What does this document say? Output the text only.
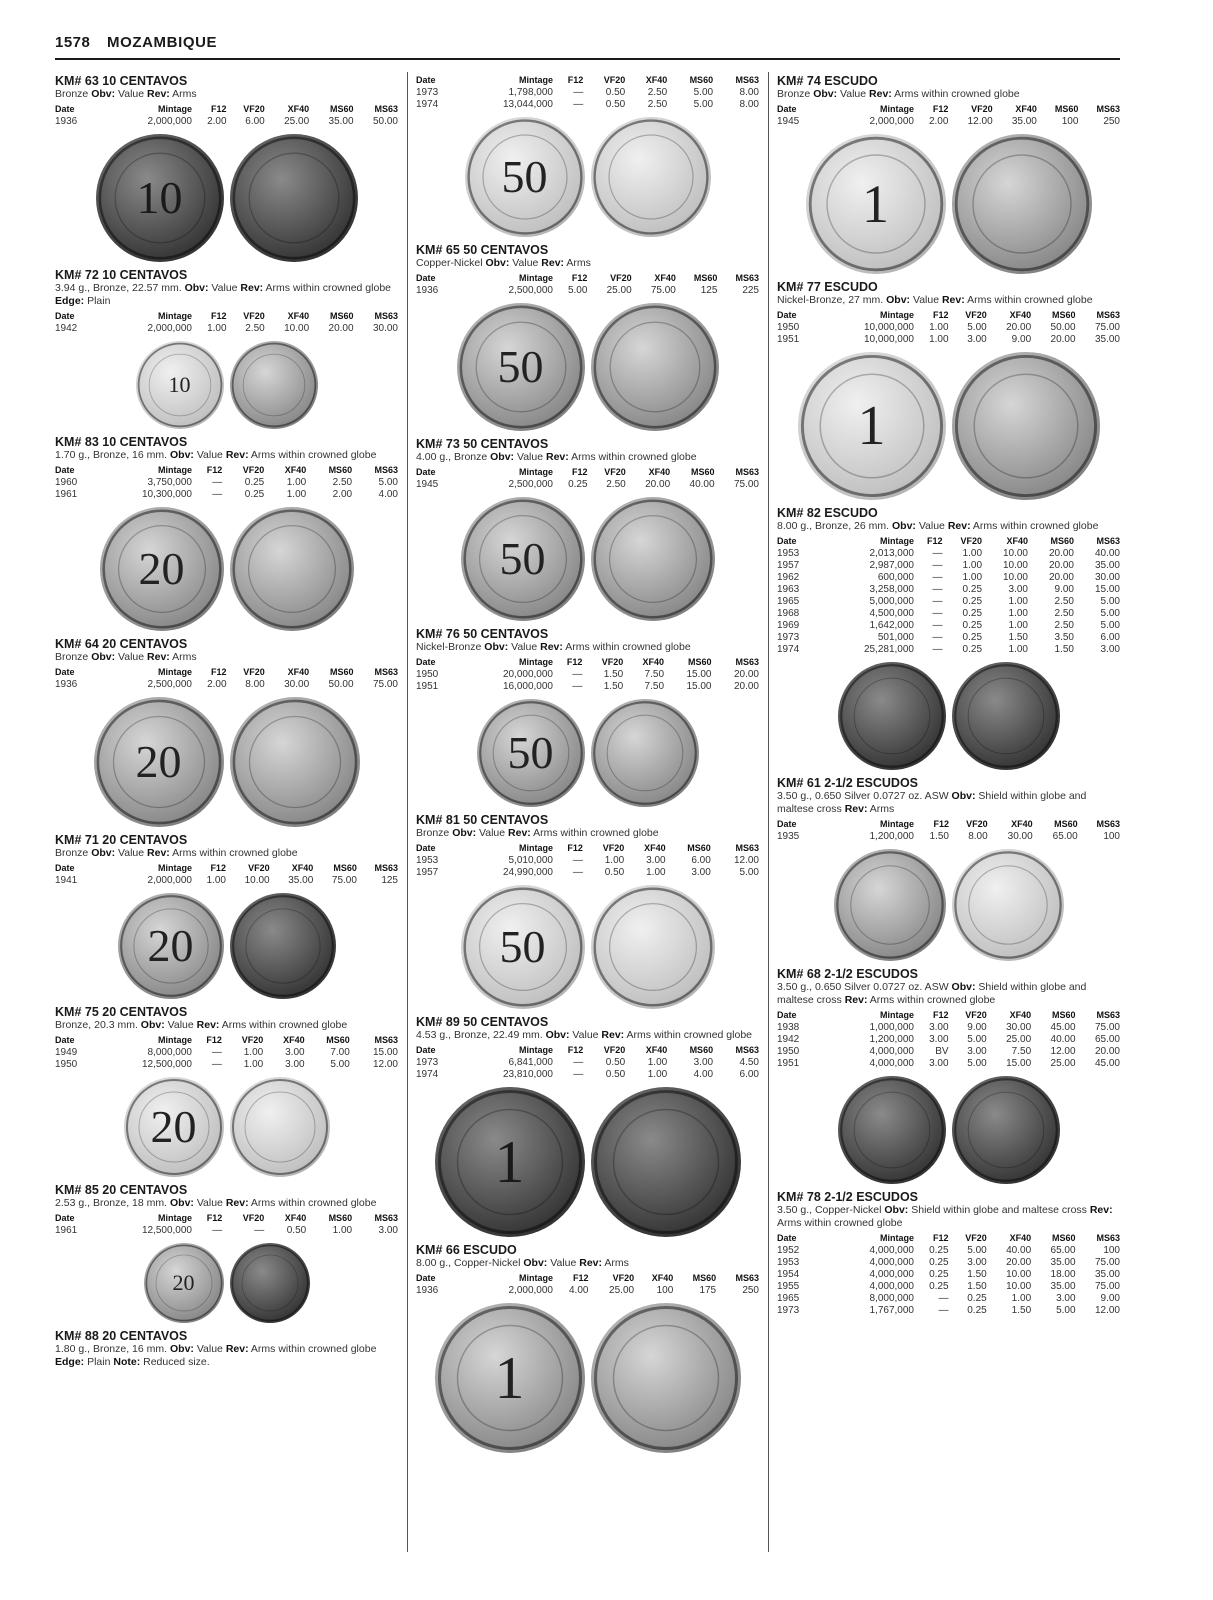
1578 MOZAMBIQUE
KM# 63 10 CENTAVOS
Bronze Obv: Value Rev: Arms
Date	Mintage	F12	VF20	XF40	MS60	MS63
1936	2,000,000	2.00	6.00	25.00	35.00	50.00
10
KM# 72 10 CENTAVOS
3.94 g., Bronze, 22.57 mm. Obv: Value Rev: Arms within crowned globe Edge: Plain
Date	Mintage	F12	VF20	XF40	MS60	MS63
1942	2,000,000	1.00	2.50	10.00	20.00	30.00
10
KM# 83 10 CENTAVOS
1.70 g., Bronze, 16 mm. Obv: Value Rev: Arms within crowned globe
Date	Mintage	F12	VF20	XF40	MS60	MS63
1960	3,750,000	—	0.25	1.00	2.50	5.00
1961	10,300,000	—	0.25	1.00	2.00	4.00
20
KM# 64 20 CENTAVOS
Bronze Obv: Value Rev: Arms
Date	Mintage	F12	VF20	XF40	MS60	MS63
1936	2,500,000	2.00	8.00	30.00	50.00	75.00
20
KM# 71 20 CENTAVOS
Bronze Obv: Value Rev: Arms within crowned globe
Date	Mintage	F12	VF20	XF40	MS60	MS63
1941	2,000,000	1.00	10.00	35.00	75.00	125
20
KM# 75 20 CENTAVOS
Bronze, 20.3 mm. Obv: Value Rev: Arms within crowned globe
Date	Mintage	F12	VF20	XF40	MS60	MS63
1949	8,000,000	—	1.00	3.00	7.00	15.00
1950	12,500,000	—	1.00	3.00	5.00	12.00
20
KM# 85 20 CENTAVOS
2.53 g., Bronze, 18 mm. Obv: Value Rev: Arms within crowned globe
Date	Mintage	F12	VF20	XF40	MS60	MS63
1961	12,500,000	—	—	0.50	1.00	3.00
20
KM# 88 20 CENTAVOS
1.80 g., Bronze, 16 mm. Obv: Value Rev: Arms within crowned globe Edge: Plain Note: Reduced size.
Date	Mintage	F12	VF20	XF40	MS60	MS63
1973	1,798,000	—	0.50	2.50	5.00	8.00
1974	13,044,000	—	0.50	2.50	5.00	8.00
50
KM# 65 50 CENTAVOS
Copper-Nickel Obv: Value Rev: Arms
Date	Mintage	F12	VF20	XF40	MS60	MS63
1936	2,500,000	5.00	25.00	75.00	125	225
50
KM# 73 50 CENTAVOS
4.00 g., Bronze Obv: Value Rev: Arms within crowned globe
Date	Mintage	F12	VF20	XF40	MS60	MS63
1945	2,500,000	0.25	2.50	20.00	40.00	75.00
50
KM# 76 50 CENTAVOS
Nickel-Bronze Obv: Value Rev: Arms within crowned globe
Date	Mintage	F12	VF20	XF40	MS60	MS63
1950	20,000,000	—	1.50	7.50	15.00	20.00
1951	16,000,000	—	1.50	7.50	15.00	20.00
50
KM# 81 50 CENTAVOS
Bronze Obv: Value Rev: Arms within crowned globe
Date	Mintage	F12	VF20	XF40	MS60	MS63
1953	5,010,000	—	1.00	3.00	6.00	12.00
1957	24,990,000	—	0.50	1.00	3.00	5.00
50
KM# 89 50 CENTAVOS
4.53 g., Bronze, 22.49 mm. Obv: Value Rev: Arms within crowned globe
Date	Mintage	F12	VF20	XF40	MS60	MS63
1973	6,841,000	—	0.50	1.00	3.00	4.50
1974	23,810,000	—	0.50	1.00	4.00	6.00
1
KM# 66 ESCUDO
8.00 g., Copper-Nickel Obv: Value Rev: Arms
Date	Mintage	F12	VF20	XF40	MS60	MS63
1936	2,000,000	4.00	25.00	100	175	250
1
KM# 74 ESCUDO
Bronze Obv: Value Rev: Arms within crowned globe
Date	Mintage	F12	VF20	XF40	MS60	MS63
1945	2,000,000	2.00	12.00	35.00	100	250
1
KM# 77 ESCUDO
Nickel-Bronze, 27 mm. Obv: Value Rev: Arms within crowned globe
Date	Mintage	F12	VF20	XF40	MS60	MS63
1950	10,000,000	1.00	5.00	20.00	50.00	75.00
1951	10,000,000	1.00	3.00	9.00	20.00	35.00
1
KM# 82 ESCUDO
8.00 g., Bronze, 26 mm. Obv: Value Rev: Arms within crowned globe
Date	Mintage	F12	VF20	XF40	MS60	MS63
1953	2,013,000	—	1.00	10.00	20.00	40.00
1957	2,987,000	—	1.00	10.00	20.00	35.00
1962	600,000	—	1.00	10.00	20.00	30.00
1963	3,258,000	—	0.25	3.00	9.00	15.00
1965	5,000,000	—	0.25	1.00	2.50	5.00
1968	4,500,000	—	0.25	1.00	2.50	5.00
1969	1,642,000	—	0.25	1.00	2.50	5.00
1973	501,000	—	0.25	1.50	3.50	6.00
1974	25,281,000	—	0.25	1.00	1.50	3.00
KM# 61 2-1/2 ESCUDOS
3.50 g., 0.650 Silver 0.0727 oz. ASW Obv: Shield within globe and maltese cross Rev: Arms
Date	Mintage	F12	VF20	XF40	MS60	MS63
1935	1,200,000	1.50	8.00	30.00	65.00	100
KM# 68 2-1/2 ESCUDOS
3.50 g., 0.650 Silver 0.0727 oz. ASW Obv: Shield within globe and maltese cross Rev: Arms within crowned globe
Date	Mintage	F12	VF20	XF40	MS60	MS63
1938	1,000,000	3.00	9.00	30.00	45.00	75.00
1942	1,200,000	3.00	5.00	25.00	40.00	65.00
1950	4,000,000	BV	3.00	7.50	12.00	20.00
1951	4,000,000	3.00	5.00	15.00	25.00	45.00
KM# 78 2-1/2 ESCUDOS
3.50 g., Copper-Nickel Obv: Shield within globe and maltese cross Rev: Arms within crowned globe
Date	Mintage	F12	VF20	XF40	MS60	MS63
1952	4,000,000	0.25	5.00	40.00	65.00	100
1953	4,000,000	0.25	3.00	20.00	35.00	75.00
1954	4,000,000	0.25	1.50	10.00	18.00	35.00
1955	4,000,000	0.25	1.50	10.00	35.00	75.00
1965	8,000,000	—	0.25	1.00	3.00	9.00
1973	1,767,000	—	0.25	1.50	5.00	12.00
